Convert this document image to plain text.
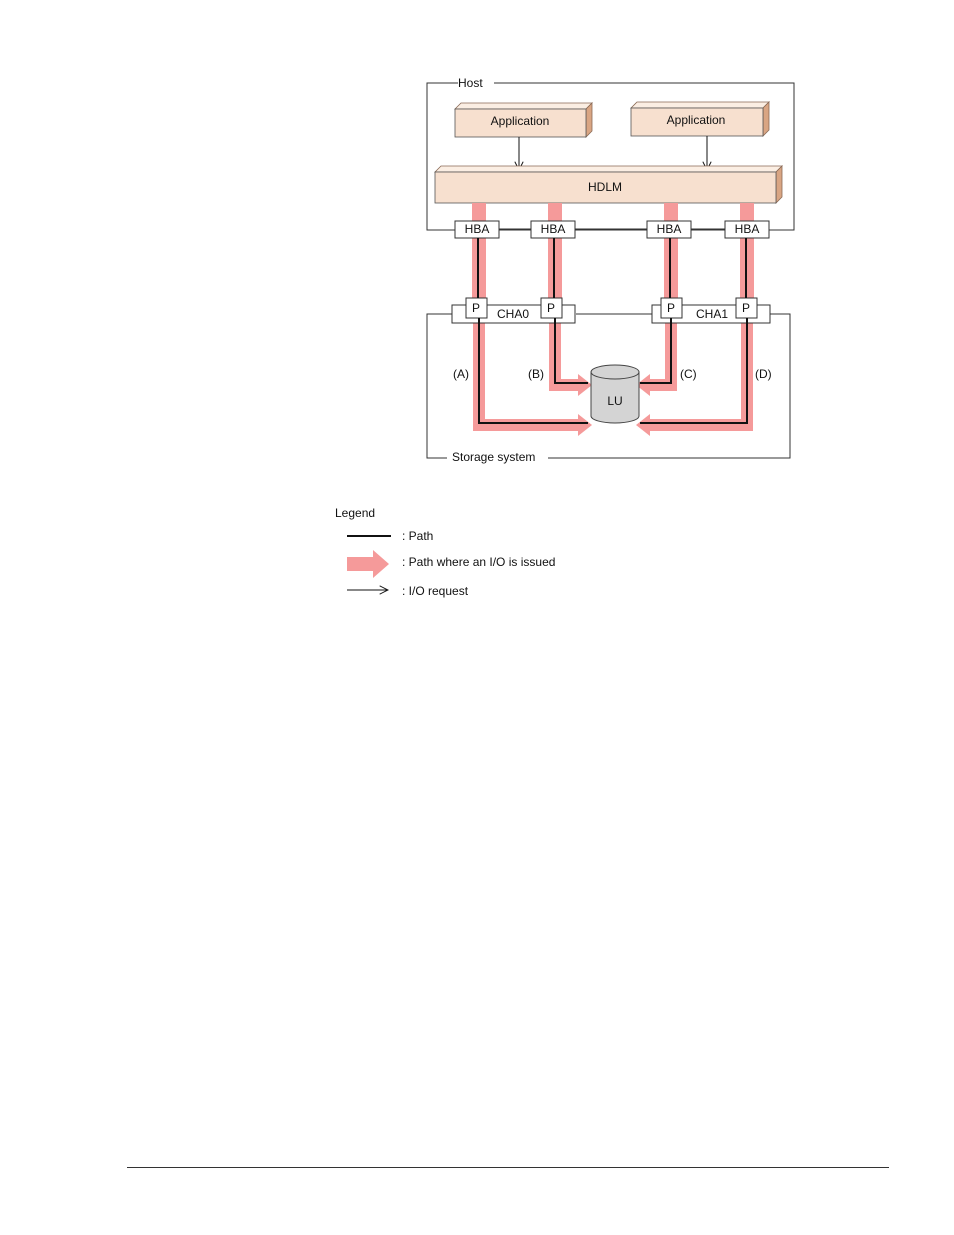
Host
Application	Application
HDLM
HBA	HBA	HBA	HBA
Storage system
CHA0	CHA1
P	P	P	P
LU
(A)	(B)	(C)	(D)
Legend
: Path
: Path where an I/O is issued
: I/O request
